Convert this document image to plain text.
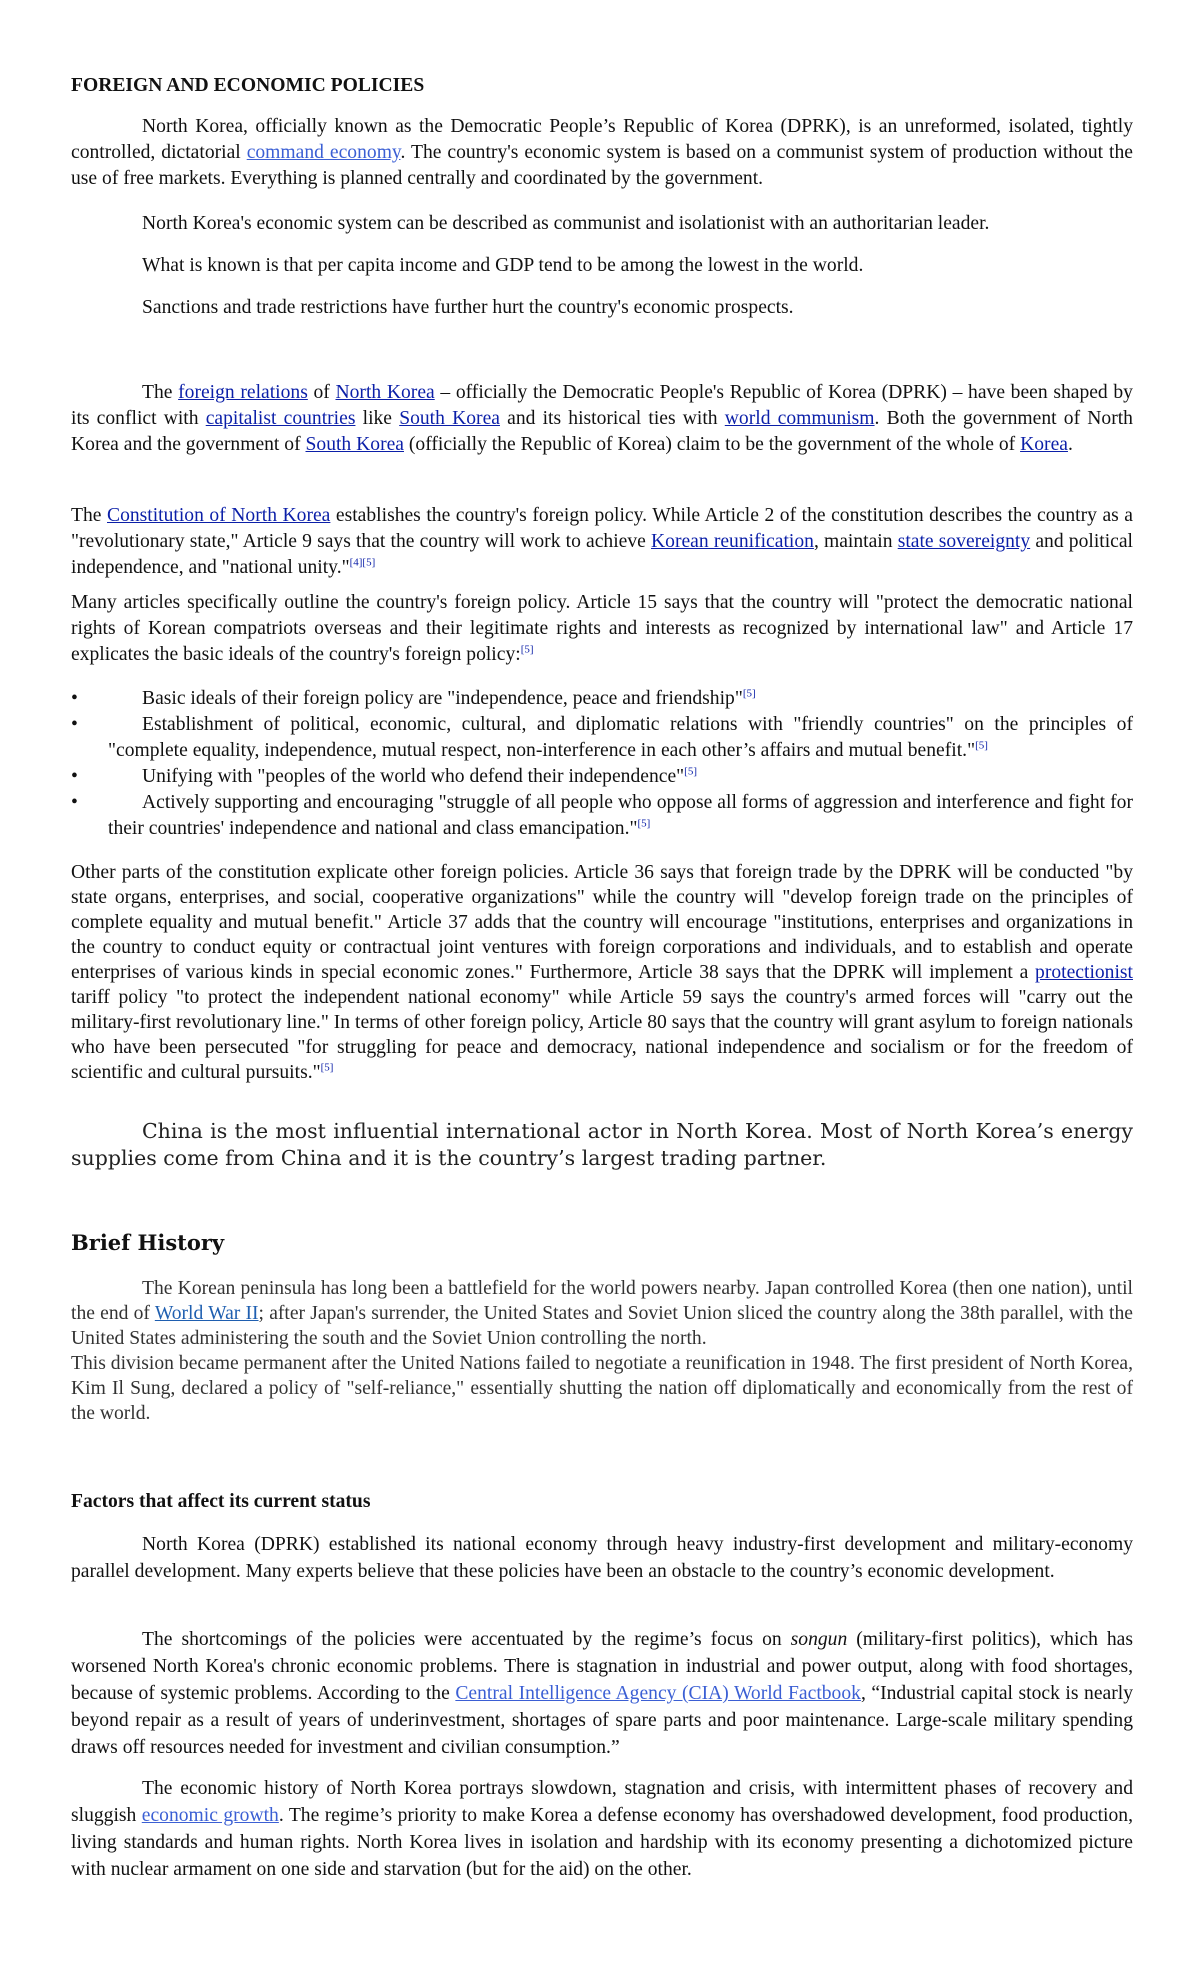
FOREIGN AND ECONOMIC POLICIES

North Korea, officially known as the Democratic People’s Republic of Korea (DPRK), is an unreformed, isolated, tightly controlled, dictatorial command economy. The country's economic system is based on a communist system of production without the use of free markets. Everything is planned centrally and coordinated by the government.

North Korea's economic system can be described as communist and isolationist with an authoritarian leader.

What is known is that per capita income and GDP tend to be among the lowest in the world.

Sanctions and trade restrictions have further hurt the country's economic prospects.

The foreign relations of North Korea – officially the Democratic People's Republic of Korea (DPRK) – have been shaped by its conflict with capitalist countries like South Korea and its historical ties with world communism. Both the government of North Korea and the government of South Korea (officially the Republic of Korea) claim to be the government of the whole of Korea.

The Constitution of North Korea establishes the country's foreign policy. While Article 2 of the constitution describes the country as a "revolutionary state," Article 9 says that the country will work to achieve Korean reunification, maintain state sovereignty and political independence, and "national unity."[4][5]

Many articles specifically outline the country's foreign policy. Article 15 says that the country will "protect the democratic national rights of Korean compatriots overseas and their legitimate rights and interests as recognized by international law" and Article 17 explicates the basic ideals of the country's foreign policy:[5]

•	Basic ideals of their foreign policy are "independence, peace and friendship"[5]
•	Establishment of political, economic, cultural, and diplomatic relations with "friendly countries" on the principles of "complete equality, independence, mutual respect, non-interference in each other’s affairs and mutual benefit."[5]
•	Unifying with "peoples of the world who defend their independence"[5]
•	Actively supporting and encouraging "struggle of all people who oppose all forms of aggression and interference and fight for their countries' independence and national and class emancipation."[5]

Other parts of the constitution explicate other foreign policies. Article 36 says that foreign trade by the DPRK will be conducted "by state organs, enterprises, and social, cooperative organizations" while the country will "develop foreign trade on the principles of complete equality and mutual benefit." Article 37 adds that the country will encourage "institutions, enterprises and organizations in the country to conduct equity or contractual joint ventures with foreign corporations and individuals, and to establish and operate enterprises of various kinds in special economic zones." Furthermore, Article 38 says that the DPRK will implement a protectionist tariff policy "to protect the independent national economy" while Article 59 says the country's armed forces will "carry out the military-first revolutionary line." In terms of other foreign policy, Article 80 says that the country will grant asylum to foreign nationals who have been persecuted "for struggling for peace and democracy, national independence and socialism or for the freedom of scientific and cultural pursuits."[5]

China is the most influential international actor in North Korea. Most of North Korea’s energy supplies come from China and it is the country’s largest trading partner.

Brief History

The Korean peninsula has long been a battlefield for the world powers nearby. Japan controlled Korea (then one nation), until the end of World War II; after Japan's surrender, the United States and Soviet Union sliced the country along the 38th parallel, with the United States administering the south and the Soviet Union controlling the north.

This division became permanent after the United Nations failed to negotiate a reunification in 1948. The first president of North Korea, Kim Il Sung, declared a policy of "self-reliance," essentially shutting the nation off diplomatically and economically from the rest of the world.

Factors that affect its current status

North Korea (DPRK) established its national economy through heavy industry-first development and military-economy parallel development. Many experts believe that these policies have been an obstacle to the country’s economic development.

The shortcomings of the policies were accentuated by the regime’s focus on songun (military-first politics), which has worsened North Korea's chronic economic problems. There is stagnation in industrial and power output, along with food shortages, because of systemic problems. According to the Central Intelligence Agency (CIA) World Factbook, “Industrial capital stock is nearly beyond repair as a result of years of underinvestment, shortages of spare parts and poor maintenance. Large-scale military spending draws off resources needed for investment and civilian consumption.”

The economic history of North Korea portrays slowdown, stagnation and crisis, with intermittent phases of recovery and sluggish economic growth. The regime’s priority to make Korea a defense economy has overshadowed development, food production, living standards and human rights. North Korea lives in isolation and hardship with its economy presenting a dichotomized picture with nuclear armament on one side and starvation (but for the aid) on the other.
